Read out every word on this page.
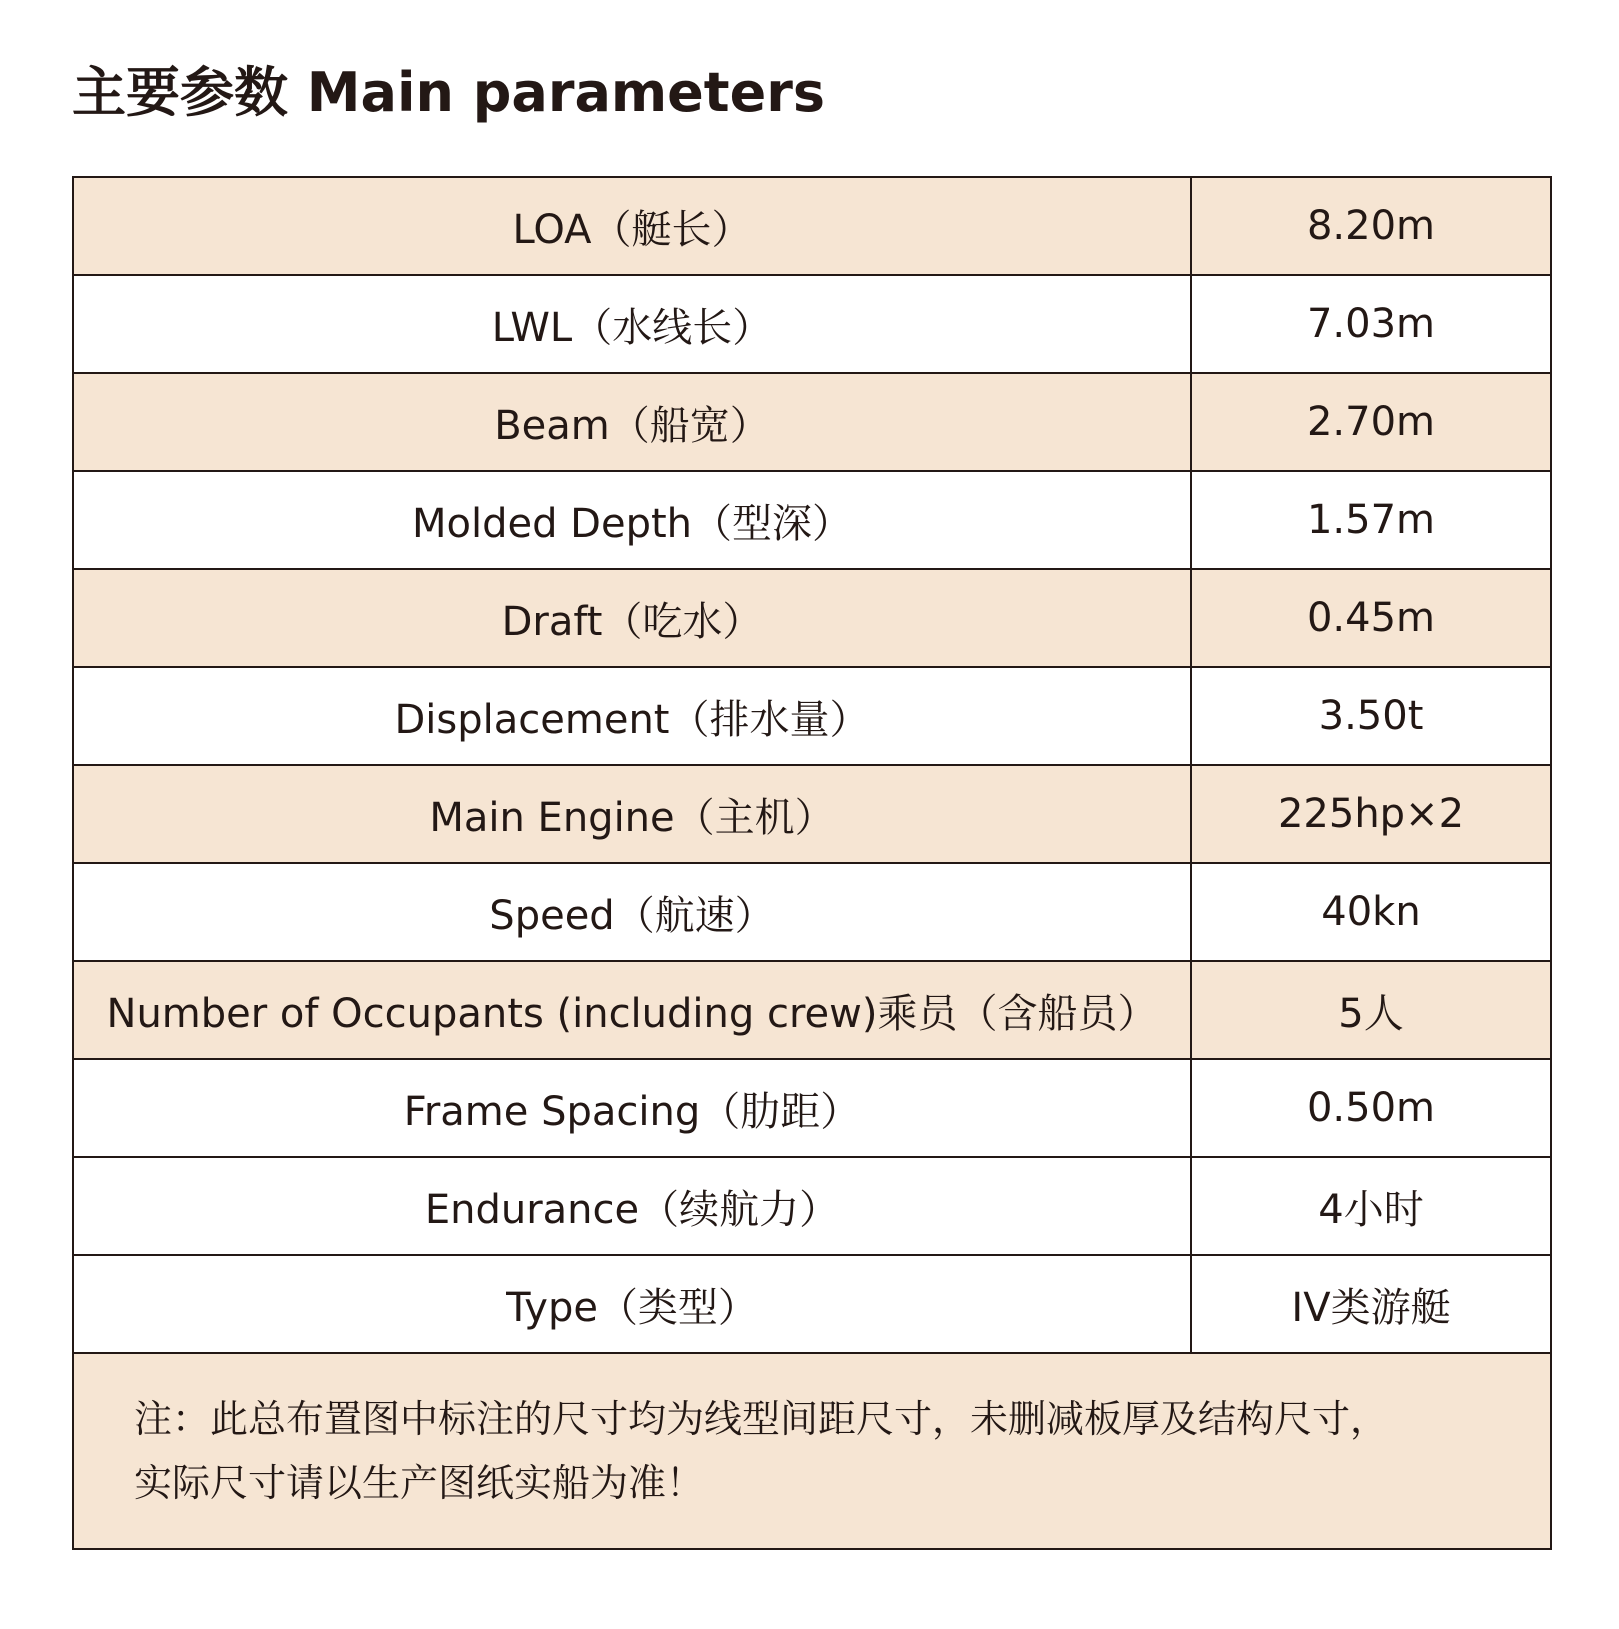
主要参数 Main parameters
LOA（艇长）	8.20m
LWL（水线长）	7.03m
Beam（船宽）	2.70m
Molded Depth（型深）	1.57m
Draft（吃水）	0.45m
Displacement（排水量）	3.50t
Main Engine（主机）	225hp×2
Speed（航速）	40kn
Number of Occupants (including crew)乘员（含船员）	5人
Frame Spacing（肋距）	0.50m
Endurance（续航力）	4小时
Type（类型）	IV类游艇

注：此总布置图中标注的尺寸均为线型间距尺寸，未删减板厚及结构尺寸，
实际尺寸请以生产图纸实船为准！	
